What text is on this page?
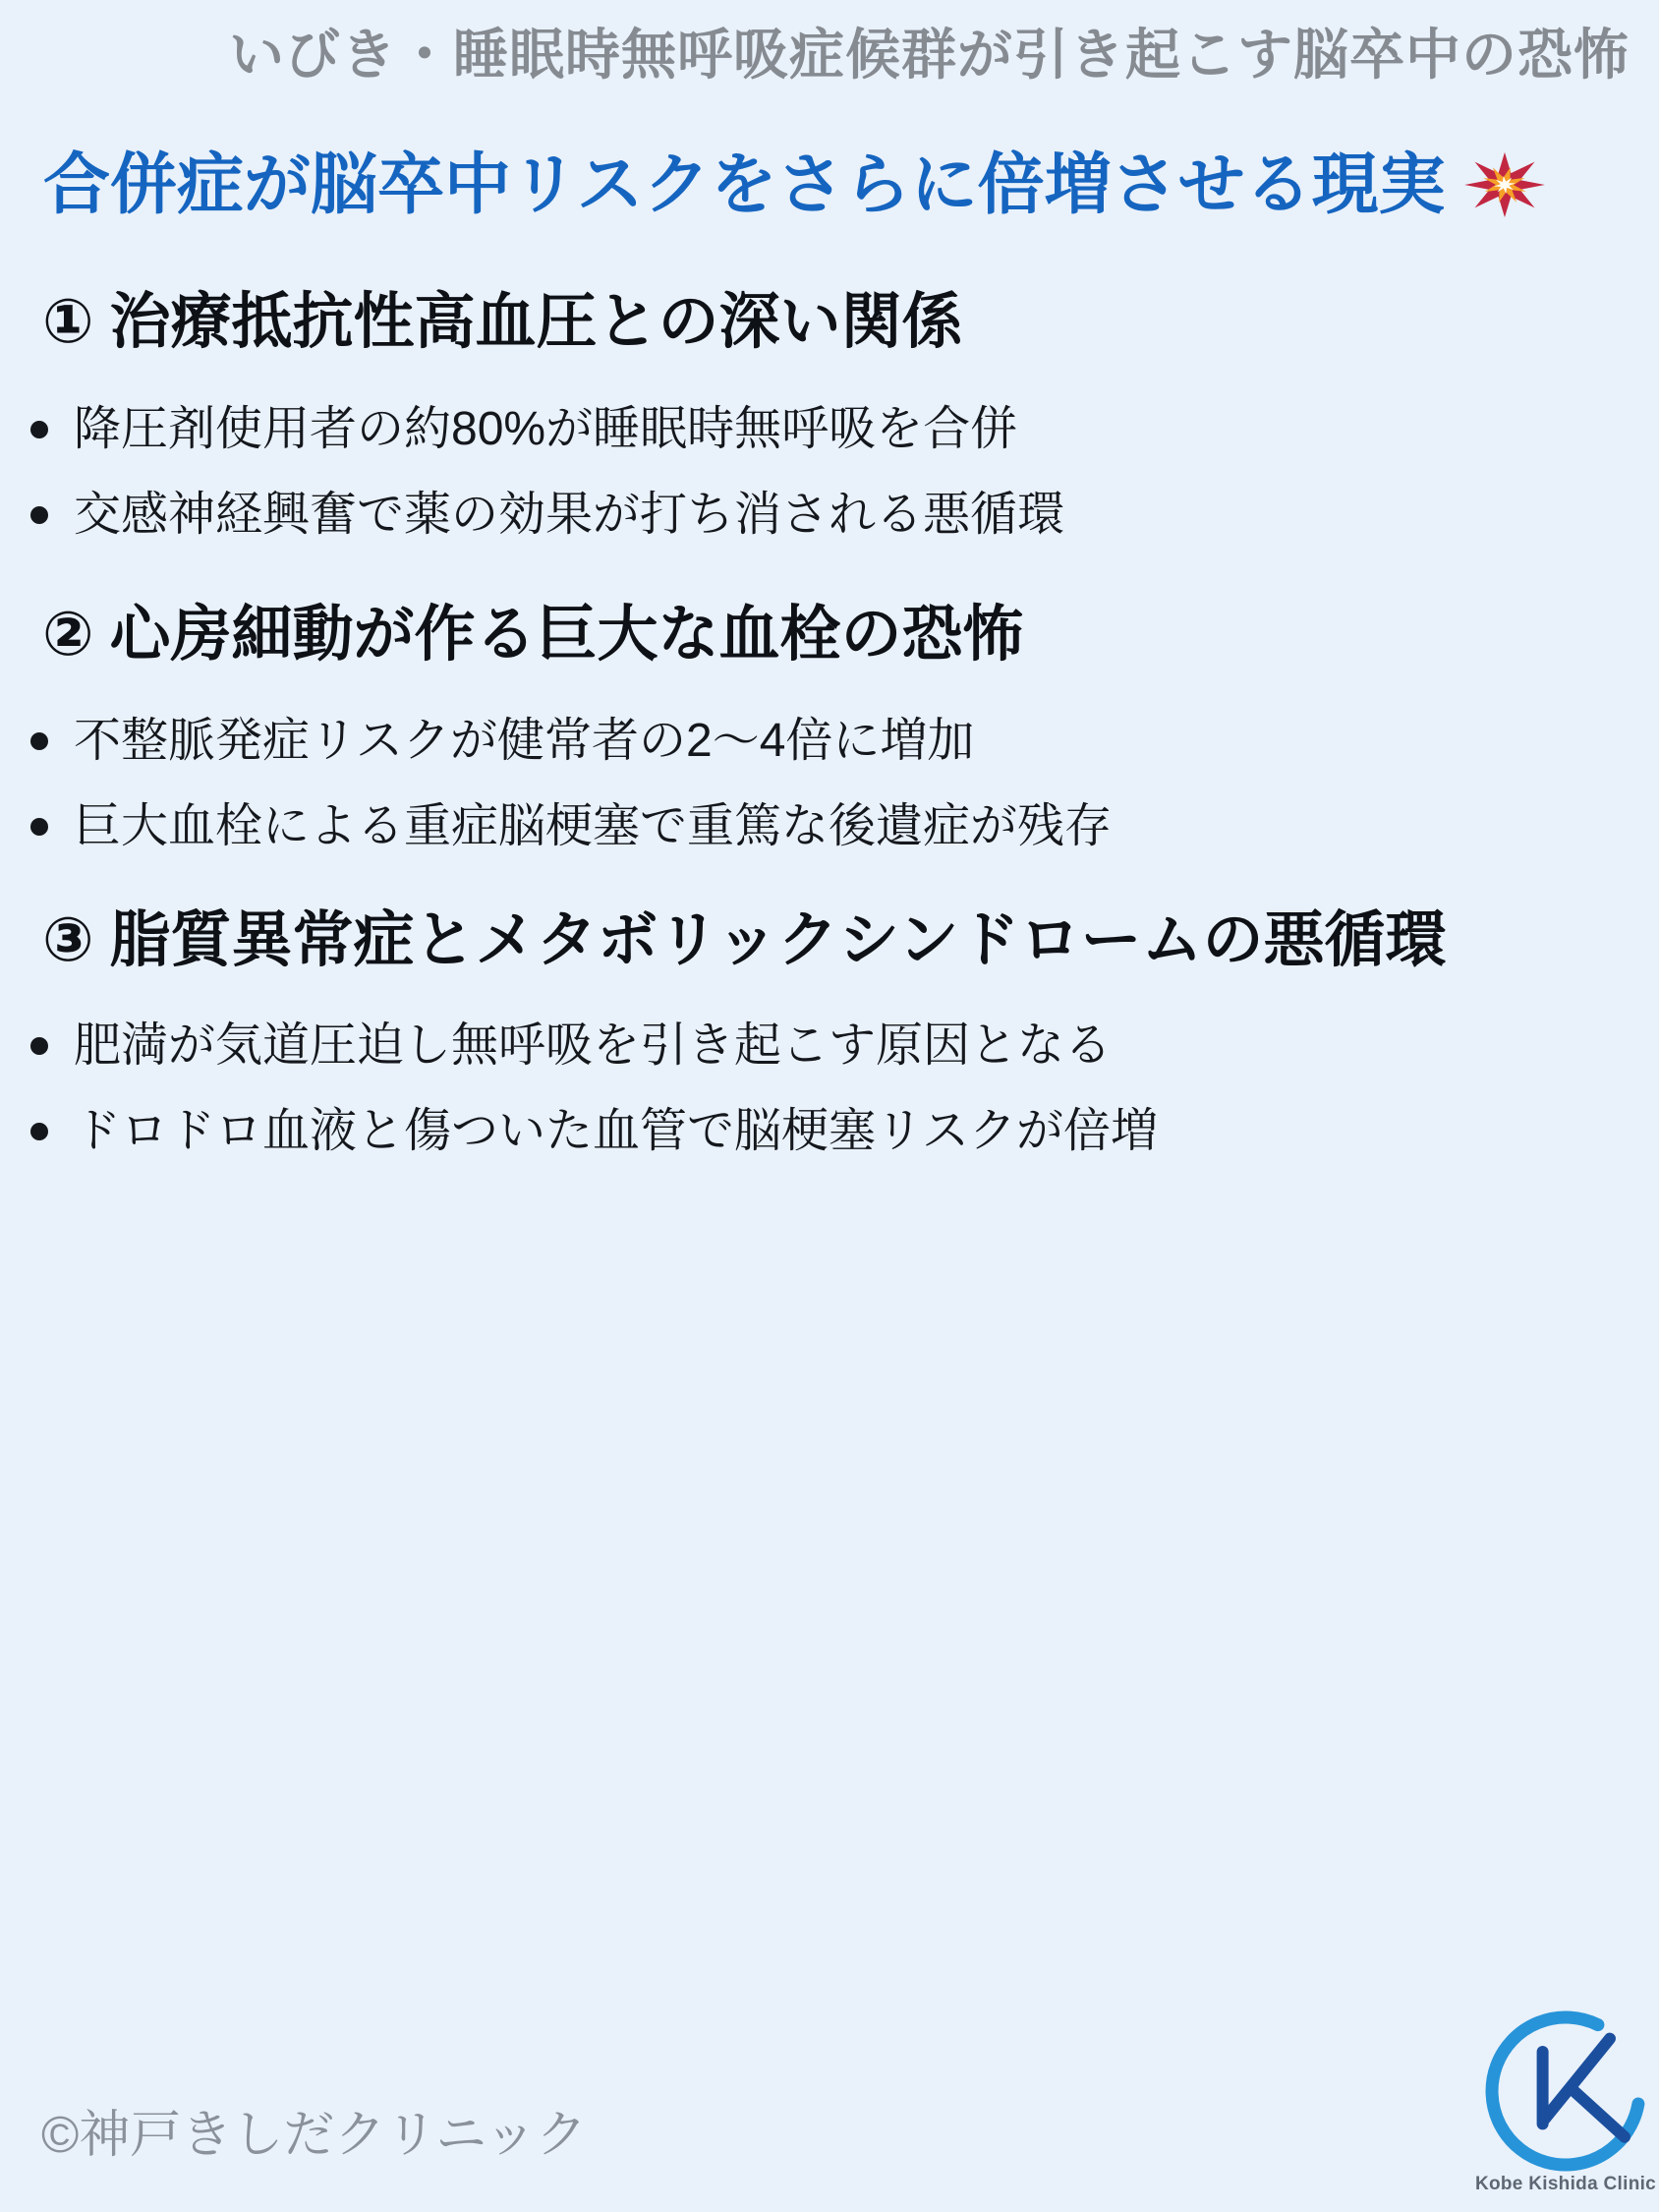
いびき・睡眠時無呼吸症候群が引き起こす脳卒中の恐怖
合併症が脳卒中リスクをさらに倍増させる現実
① 治療抵抗性高血圧との深い関係
降圧剤使用者の約80%が睡眠時無呼吸を合併
交感神経興奮で薬の効果が打ち消される悪循環
② 心房細動が作る巨大な血栓の恐怖
不整脈発症リスクが健常者の2〜4倍に増加
巨大血栓による重症脳梗塞で重篤な後遺症が残存
③ 脂質異常症とメタボリックシンドロームの悪循環
肥満が気道圧迫し無呼吸を引き起こす原因となる
ドロドロ血液と傷ついた血管で脳梗塞リスクが倍増
©神戸きしだクリニック
Kobe Kishida Clinic
